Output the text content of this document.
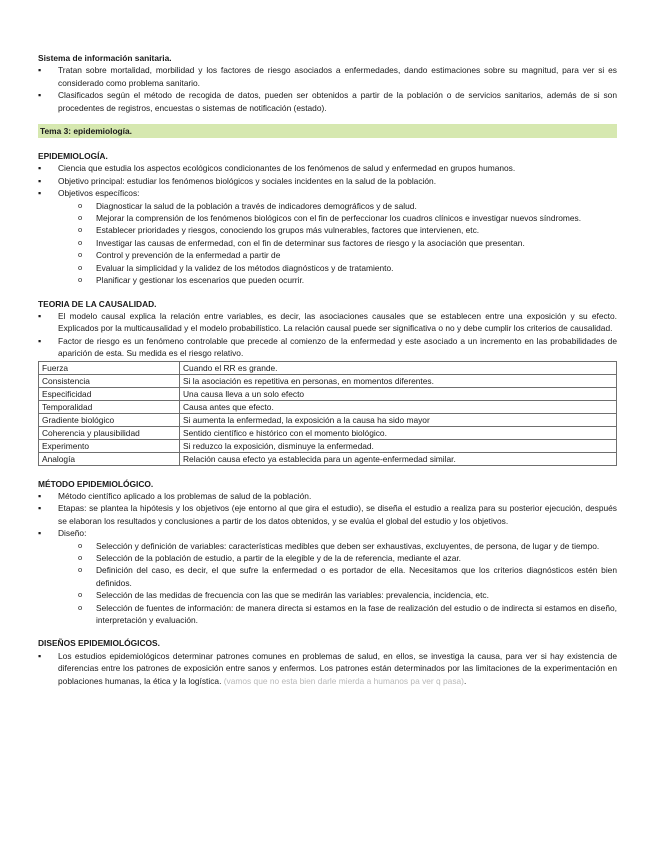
Sistema de información sanitaria.

▪ Tratan sobre mortalidad, morbilidad y los factores de riesgo asociados a enfermedades, dando estimaciones sobre su magnitud, para ver si es considerado como problema sanitario.
▪ Clasificados según el método de recogida de datos, pueden ser obtenidos a partir de la población o de servicios sanitarios, además de si son procedentes de registros, encuestas o sistemas de notificación (estado).
Tema 3: epidemiología.

EPIDEMIOLOGÍA.

▪ Ciencia que estudia los aspectos ecológicos condicionantes de los fenómenos de salud y enfermedad en grupos humanos.
▪ Objetivo principal: estudiar los fenómenos biológicos y sociales incidentes en la salud de la población.
▪ Objetivos específicos:
o Diagnosticar la salud de la población a través de indicadores demográficos y de salud.
o Mejorar la comprensión de los fenómenos biológicos con el fin de perfeccionar los cuadros clínicos e investigar nuevos síndromes.
o Establecer prioridades y riesgos, conociendo los grupos más vulnerables, factores que intervienen, etc.
o Investigar las causas de enfermedad, con el fin de determinar sus factores de riesgo y la asociación que presentan.
o Control y prevención de la enfermedad a partir de
o Evaluar la simplicidad y la validez de los métodos diagnósticos y de tratamiento.
o Planificar y gestionar los escenarios que pueden ocurrir.

TEORIA DE LA CAUSALIDAD.

▪ El modelo causal explica la relación entre variables, es decir, las asociaciones causales que se establecen entre una exposición y su efecto. Explicados por la multicausalidad y el modelo probabilístico. La relación causal puede ser significativa o no y debe cumplir los criterios de causalidad.
▪ Factor de riesgo es un fenómeno controlable que precede al comienzo de la enfermedad y este asociado a un incremento en las probabilidades de aparición de esta. Su medida es el riesgo relativo.
Fuerza	Cuando el RR es grande.
Consistencia	Si la asociación es repetitiva en personas, en momentos diferentes.
Especificidad	Una causa lleva a un solo efecto
Temporalidad	Causa antes que efecto.
Gradiente biológico	Si aumenta la enfermedad, la exposición a la causa ha sido mayor
Coherencia y plausibilidad	Sentido científico e histórico con el momento biológico.
Experimento	Si reduzco la exposición, disminuye la enfermedad.
Analogía	Relación causa efecto ya establecida para un agente-enfermedad similar.

MÉTODO EPIDEMIOLÓGICO.

▪ Método científico aplicado a los problemas de salud de la población.
▪ Etapas: se plantea la hipótesis y los objetivos (eje entorno al que gira el estudio), se diseña el estudio a realiza para su posterior ejecución, después se elaboran los resultados y conclusiones a partir de los datos obtenidos, y se evalúa el global del estudio y los objetivos.
▪ Diseño:
o Selección y definición de variables: características medibles que deben ser exhaustivas, excluyentes, de persona, de lugar y de tiempo.
o Selección de la población de estudio, a partir de la elegible y de la de referencia, mediante el azar.
o Definición del caso, es decir, el que sufre la enfermedad o es portador de ella. Necesitamos que los criterios diagnósticos estén bien definidos.
o Selección de las medidas de frecuencia con las que se medirán las variables: prevalencia, incidencia, etc.
o Selección de fuentes de información: de manera directa si estamos en la fase de realización del estudio o de indirecta si estamos en diseño, interpretación y evaluación.

DISEÑOS EPIDEMIOLÓGICOS.

▪ Los estudios epidemiológicos determinar patrones comunes en problemas de salud, en ellos, se investiga la causa, para ver si hay existencia de diferencias entre los patrones de exposición entre sanos y enfermos. Los patrones están determinados por las limitaciones de la experimentación en poblaciones humanas, la ética y la logística. (vamos que no esta bien darle mierda a humanos pa ver q pasa).
